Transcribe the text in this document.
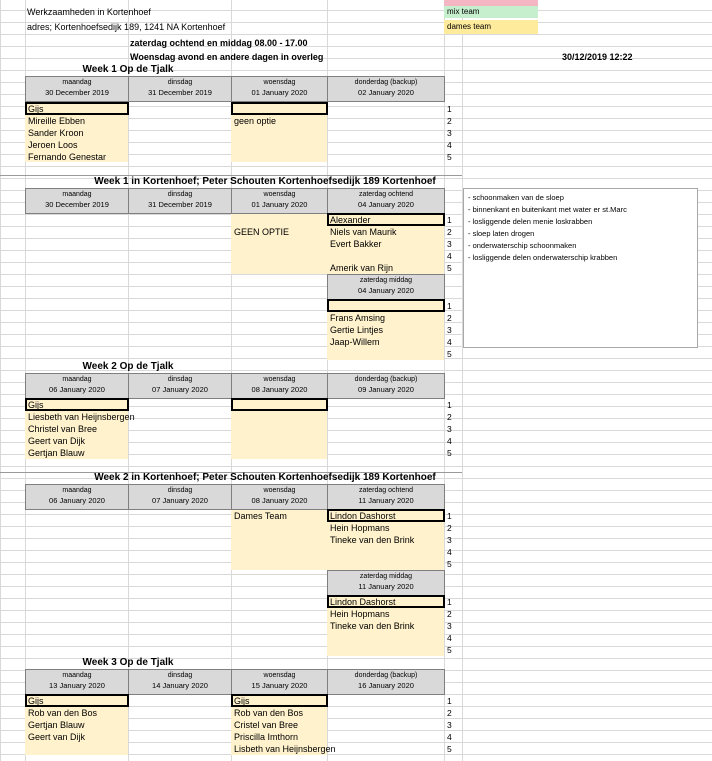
mix team
dames team
Werkzaamheden in Kortenhoef
adres; Kortenhoefsedijk 189, 1241 NA Kortenhoef
zaterdag ochtend en middag 08.00 - 17.00
Woensdag avond en andere dagen in overleg	30/12/2019 12:22
Week 1 Op de Tjalk
maandag
30 December 2019
dinsdag
31 December 2019
woensdag
01 January 2020
donderdag (backup)
02 January 2020
Gijs
Mireille Ebben
Sander Kroon
Jeroen Loos
Fernando Genestar
geen optie
1
2
3
4
5
Week 1 in Kortenhoef; Peter Schouten Kortenhoefsedijk 189 Kortenhoef
maandag
30 December 2019
dinsdag
31 December 2019
woensdag
01 January 2020
zaterdag ochtend
04 January 2020
GEEN OPTIE
Alexander
Niels van Maurik
Evert Bakker
Amerik van Rijn
1
2
3
4
5
zaterdag middag
04 January 2020
Frans Amsing
Gertie Lintjes
Jaap-Willem
1
2
3
4
5
- schoonmaken van de sloep
- binnenkant en buitenkant met water er st.Marc
- losliggende delen menie loskrabben
- sloep laten drogen
- onderwaterschip schoonmaken
- losliggende delen onderwaterschip krabben
Week 2 Op de Tjalk
maandag
06 January 2020
dinsdag
07 January 2020
woensdag
08 January 2020
donderdag (backup)
09 January 2020
Gijs
Liesbeth van Heijnsbergen
Christel van Bree
Geert van Dijk
Gertjan Blauw
1
2
3
4
5
Week 2 in Kortenhoef; Peter Schouten Kortenhoefsedijk 189 Kortenhoef
maandag
06 January 2020
dinsdag
07 January 2020
woensdag
08 January 2020
zaterdag ochtend
11 January 2020
Dames Team	Lindon Dashorst
Hein Hopmans
Tineke van den Brink
1
2
3
4
5
zaterdag middag
11 January 2020
Lindon Dashorst
Hein Hopmans
Tineke van den Brink
1
2
3
4
5
Week 3 Op de Tjalk
maandag
13 January 2020
dinsdag
14 January 2020
woensdag
15 January 2020
donderdag (backup)
16 January 2020
Gijs
Rob van den Bos
Gertjan Blauw
Geert van Dijk
Gijs
Rob van den Bos
Cristel van Bree
Priscilla Imthorn
Lisbeth van Heijnsbergen
1
2
3
4
5
